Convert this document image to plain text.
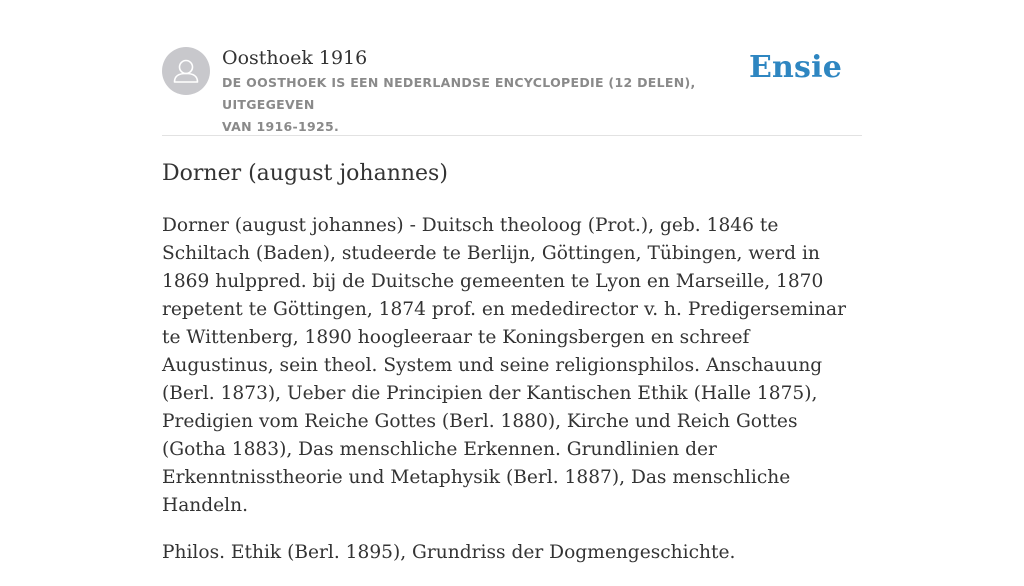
Oosthoek 1916
DE OOSTHOEK IS EEN NEDERLANDSE ENCYCLOPEDIE (12 DELEN), UITGEGEVEN
VAN 1916-1925.
Ensie
Dorner (august johannes)

Dorner (august johannes) - Duitsch theoloog (Prot.), geb. 1846 te Schiltach (Baden), studeerde te Berlijn, Göttingen, Tübingen, werd in 1869 hulppred. bij de Duitsche gemeenten te Lyon en Marseille, 1870 repetent te Göttingen, 1874 prof. en mededirector v. h. Predigerseminar te Wittenberg, 1890 hoogleeraar te Koningsbergen en schreef Augustinus, sein theol. System und seine religionsphilos. Anschauung (Berl. 1873), Ueber die Principien der Kantischen Ethik (Halle 1875), Predigien vom Reiche Gottes (Berl. 1880), Kirche und Reich Gottes (Gotha 1883), Das menschliche Erkennen. Grundlinien der Erkenntnisstheorie und Metaphysik (Berl. 1887), Das menschliche Handeln.

Philos. Ethik (Berl. 1895), Grundriss der Dogmengeschichte.
